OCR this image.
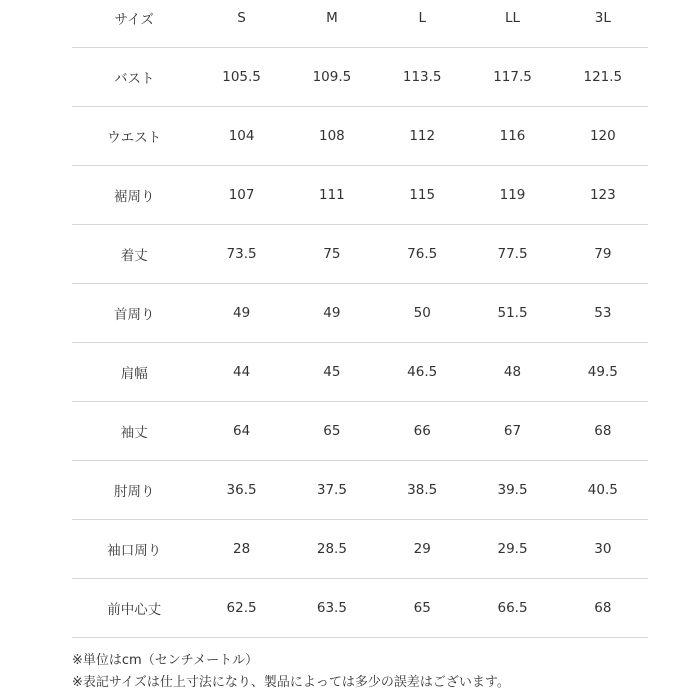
サイズ	S	M	L	LL	3L
バスト	105.5	109.5	113.5	117.5	121.5
ウエスト	104	108	112	116	120
裾周り	107	111	115	119	123
着丈	73.5	75	76.5	77.5	79
首周り	49	49	50	51.5	53
肩幅	44	45	46.5	48	49.5
袖丈	64	65	66	67	68
肘周り	36.5	37.5	38.5	39.5	40.5
袖口周り	28	28.5	29	29.5	30
前中心丈	62.5	63.5	65	66.5	68

※単位はcm（センチメートル）

※表記サイズは仕上寸法になり、製品によっては多少の誤差はございます。
